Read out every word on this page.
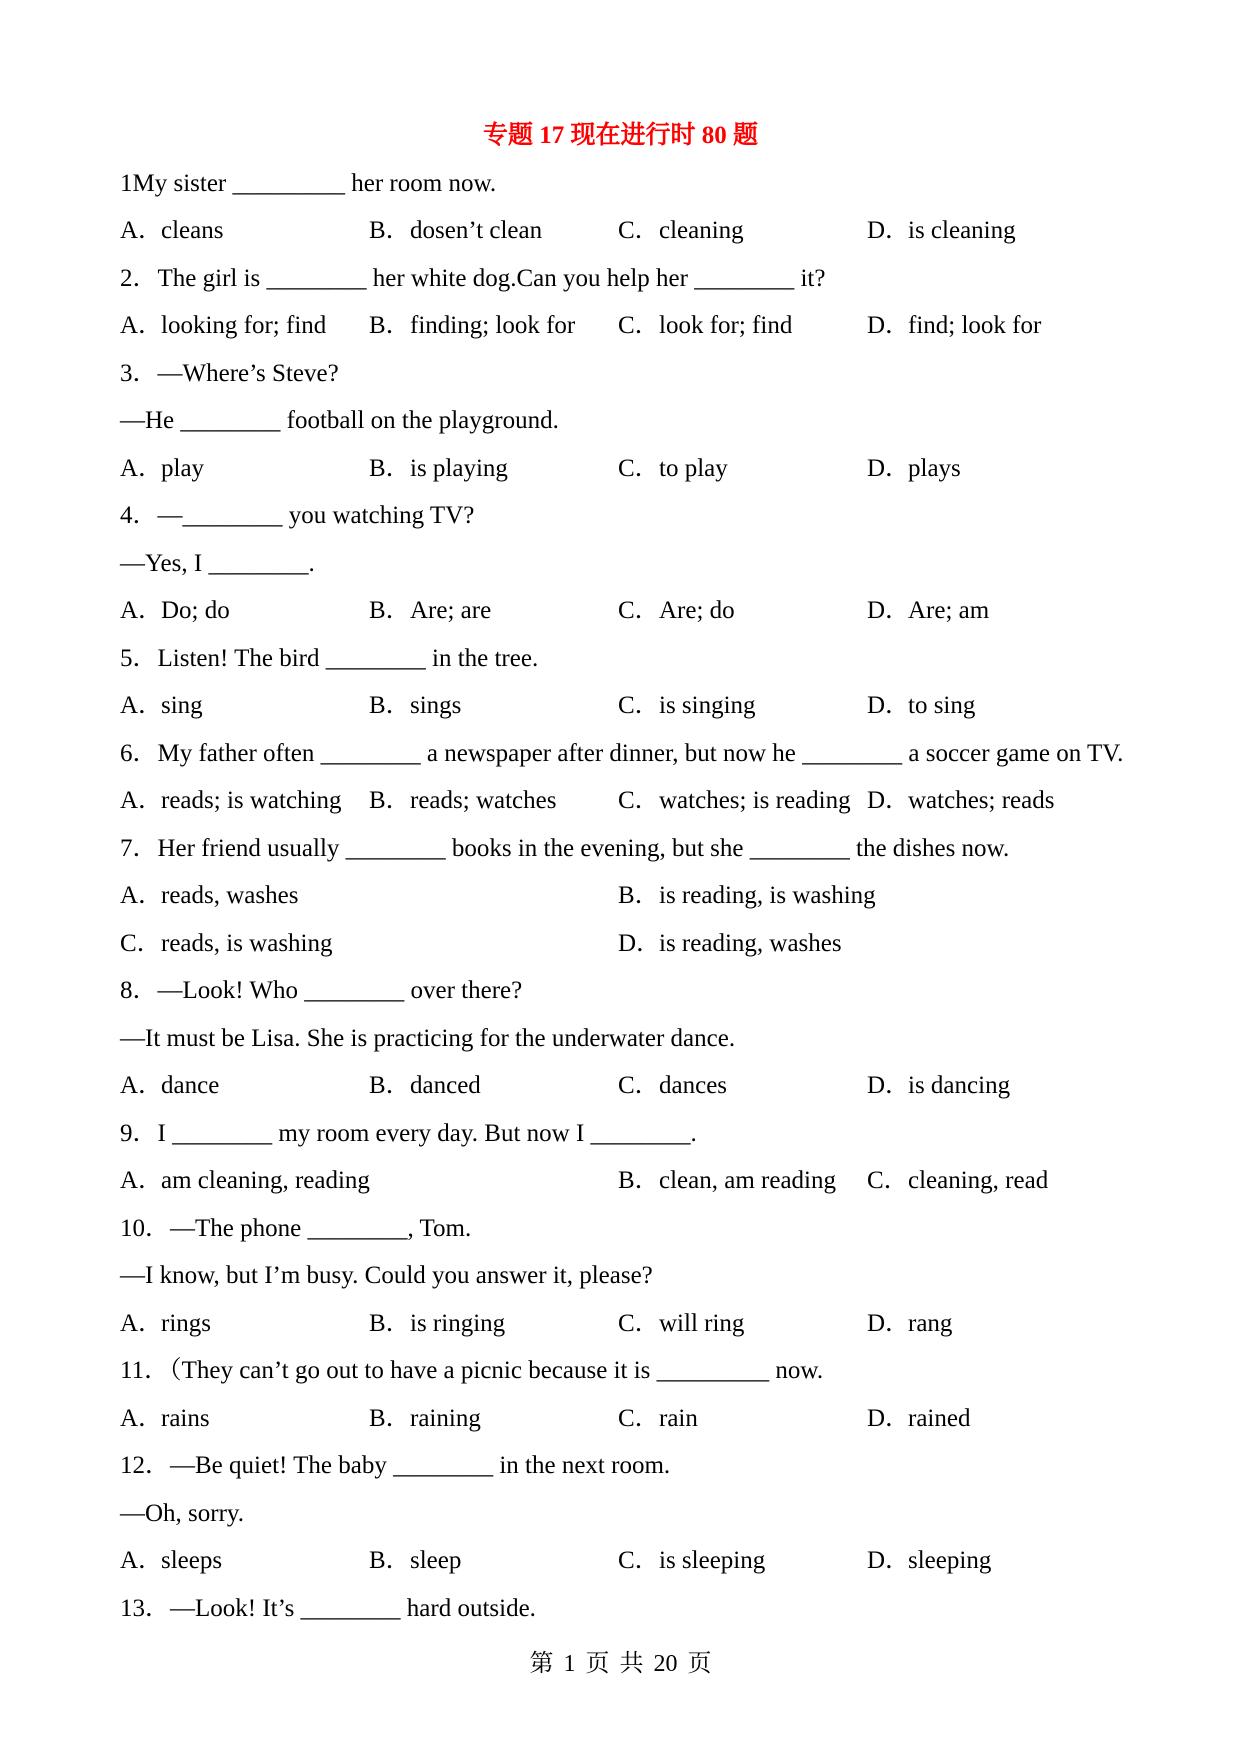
专题 17 现在进行时 80 题
1My sister _________ her room now.
A．cleans	B．dosen’t clean	C．cleaning	D．is cleaning
2．The girl is ________ her white dog.Can you help her ________ it?
A．looking for; find B．finding; look for C．look for; find	D．find; look for
3．—Where’s Steve?
—He ________ football on the playground.
A．play	B．is playing	C．to play	D．plays
4．—________ you watching TV?
—Yes, I ________.
A．Do; do	B．Are; are	C．Are; do	D．Are; am
5．Listen! The bird ________ in the tree.
A．sing	B．sings	C．is singing	D．to sing
6．My father often ________ a newspaper after dinner, but now he ________ a soccer game on TV.
A．reads; is watching B．reads; watches C．watches; is reading D．watches; reads
7．Her friend usually ________ books in the evening, but she ________ the dishes now.
A．reads, washes	B．is reading, is washing
C．reads, is washing	D．is reading, washes
8．—Look! Who ________ over there?
—It must be Lisa. She is practicing for the underwater dance.
A．dance	B．danced	C．dances	D．is dancing
9．I ________ my room every day. But now I ________.
A．am cleaning, reading	B．clean, am reading C．cleaning, read
10．—The phone ________, Tom.
—I know, but I’m busy. Could you answer it, please?
A．rings	B．is ringing	C．will ring	D．rang
11．（They can’t go out to have a picnic because it is _________ now.
A．rains	B．raining	C．rain	D．rained
12．—Be quiet! The baby ________ in the next room.
—Oh, sorry.
A．sleeps	B．sleep	C．is sleeping	D．sleeping
13．—Look! It’s ________ hard outside.
第 1 页 共 20 页
